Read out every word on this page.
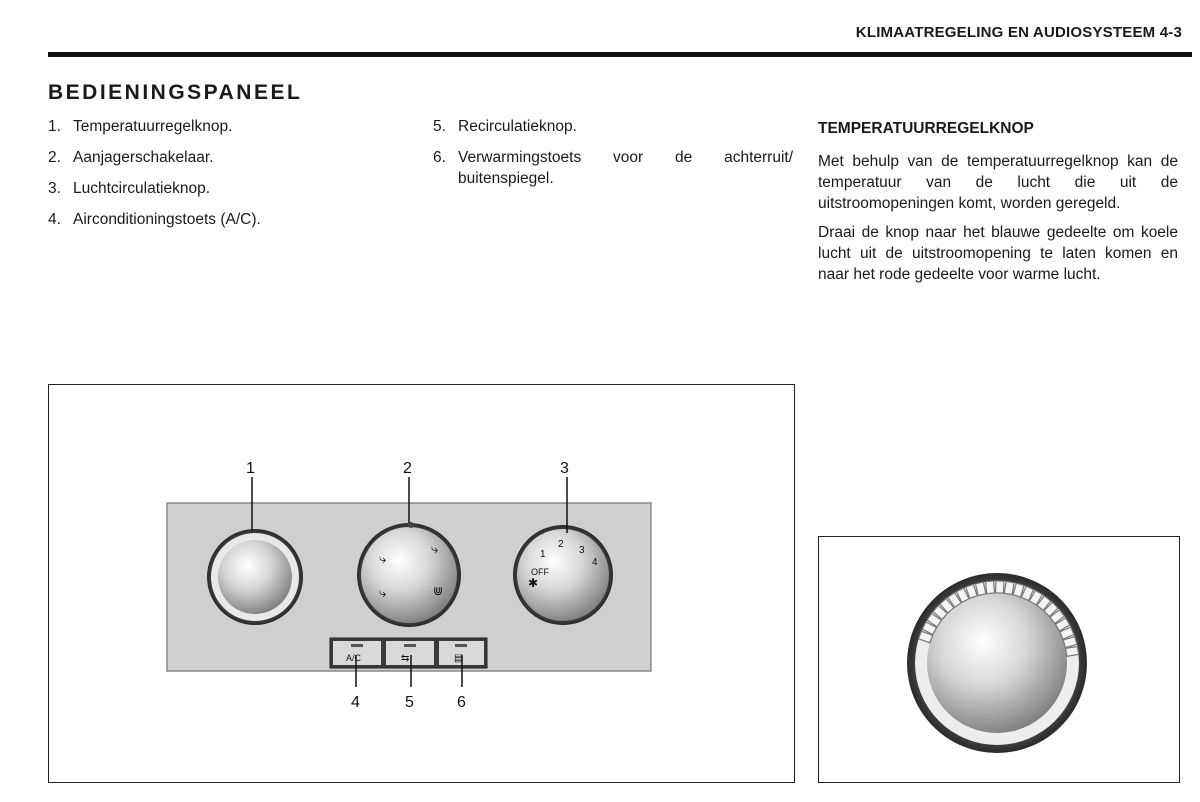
KLIMAATREGELING EN AUDIOSYSTEEM 4-3
BEDIENINGSPANEEL
1. Temperatuurregelknop.
2. Aanjagerschakelaar.
3. Luchtcirculatieknop.
4. Airconditioningstoets (A/C).
5. Recirculatieknop.
6. Verwarmingstoets voor de achterruit/ buitenspiegel.
TEMPERATUURREGELKNOP

Met behulp van de temperatuurregelknop kan de temperatuur van de lucht die uit de uitstroomopeningen komt, worden geregeld.

Draai de knop naar het blauwe gedeelte om koele lucht uit de uitstroomopening te laten komen en naar het rode gedeelte voor warme lucht.

⤷
⤷
⤷	⋓
OFF
1
2
3
4
✱
A/C	⇆	▤
1	2	3
4	5	6
